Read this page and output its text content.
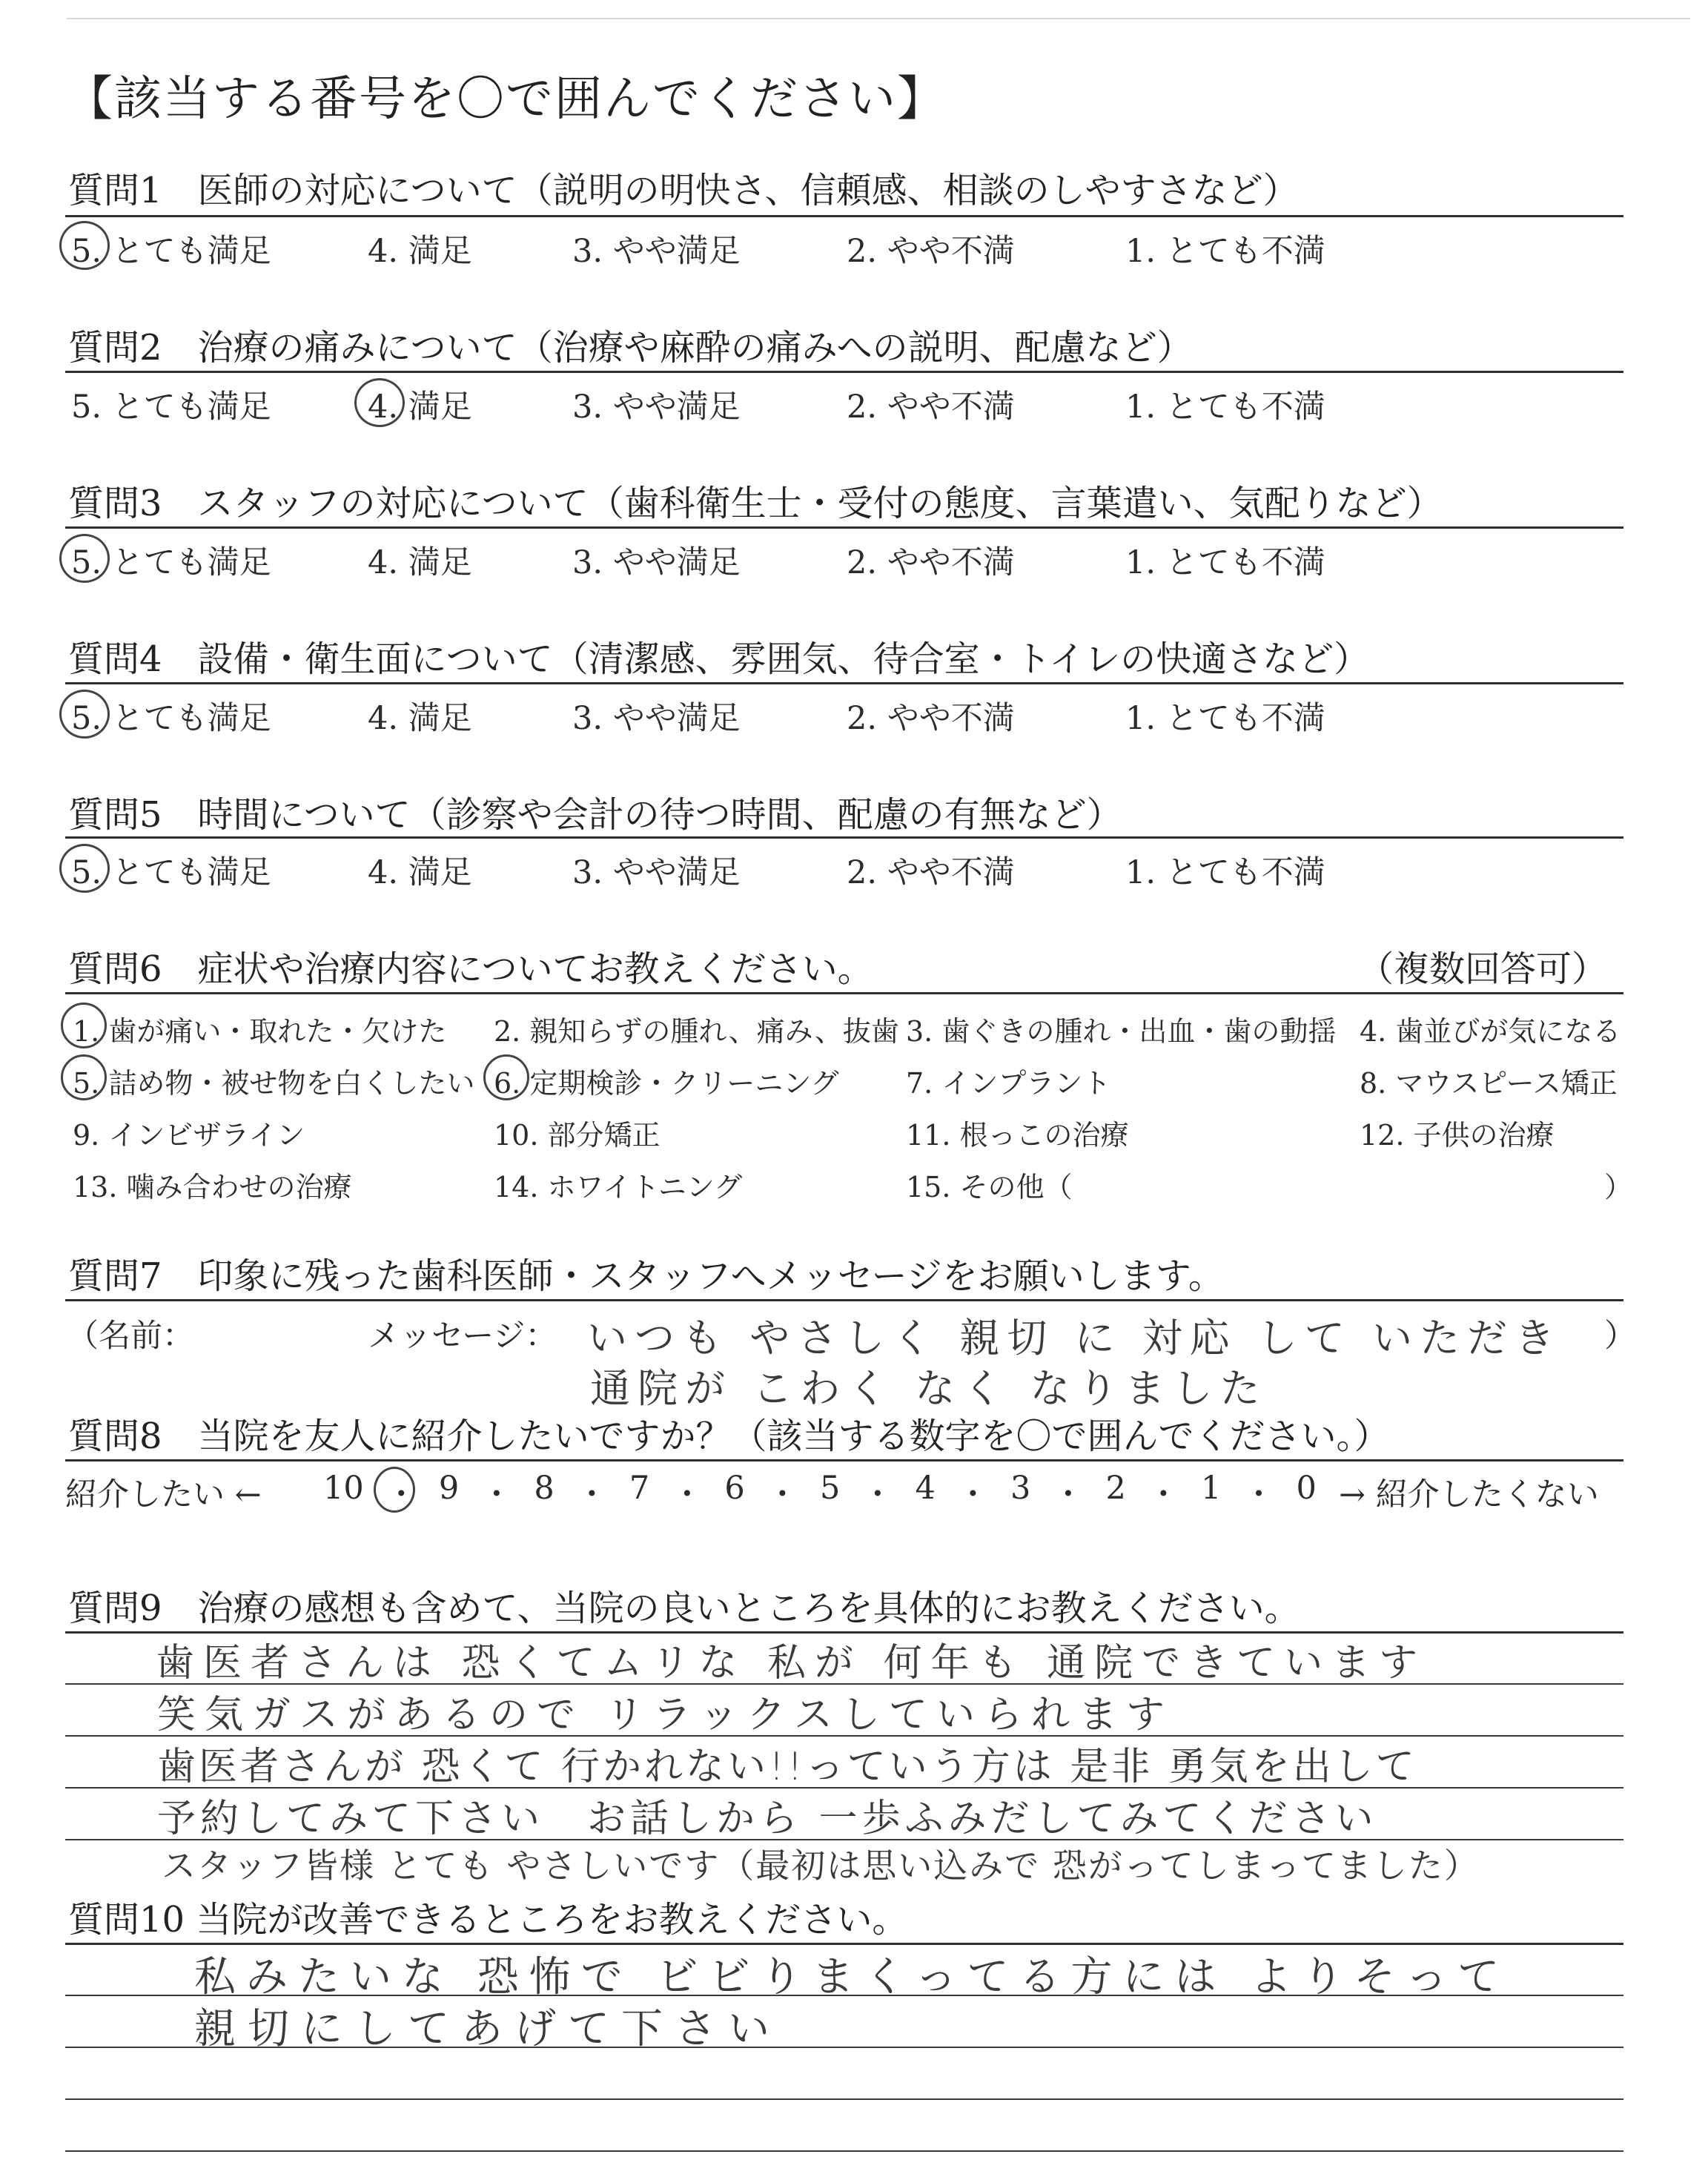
【該当する番号を〇で囲んでください】
質問1　医師の対応について（説明の明快さ、信頼感、相談のしやすさなど）
5. とても満足	4. 満足	3. やや満足	2. やや不満	1. とても不満
質問2　治療の痛みについて（治療や麻酔の痛みへの説明、配慮など）
5. とても満足	4. 満足	3. やや満足	2. やや不満	1. とても不満
質問3　スタッフの対応について（歯科衛生士・受付の態度、言葉遣い、気配りなど）
5. とても満足	4. 満足	3. やや満足	2. やや不満	1. とても不満
質問4　設備・衛生面について（清潔感、雰囲気、待合室・トイレの快適さなど）
5. とても満足	4. 満足	3. やや満足	2. やや不満	1. とても不満
質問5　時間について（診察や会計の待つ時間、配慮の有無など）
5. とても満足	4. 満足	3. やや満足	2. やや不満	1. とても不満
質問6　症状や治療内容についてお教えください。	（複数回答可）
1. 歯が痛い・取れた・欠けた 2. 親知らずの腫れ、痛み、抜歯 3. 歯ぐきの腫れ・出血・歯の動揺 4. 歯並びが気になる
5. 詰め物・被せ物を白くしたい 6. 定期検診・クリーニング 7. インプラント	8. マウスピース矯正
9. インビザライン	10. 部分矯正	11. 根っこの治療	12. 子供の治療
13. 噛み合わせの治療	14. ホワイトニング	15. その他（	）
質問7　印象に残った歯科医師・スタッフへメッセージをお願いします。
（名前：	メッセージ：	）
いつも やさしく 親切 に 対応 して いただき
通院が こわく なく なりました
質問8　当院を友人に紹介したいですか？（該当する数字を〇で囲んでください。）
紹介したい ←	→ 紹介したくない
10 ・ 9 ・ 8 ・ 7 ・ 6 ・ 5 ・ 4 ・ 3 ・ 2 ・ 1 ・ 0
質問9　治療の感想も含めて、当院の良いところを具体的にお教えください。
歯医者さんは 恐くてムリな 私が 何年も 通院できています
笑気ガスがあるので リラックスしていられます
歯医者さんが 恐くて 行かれない!!っていう方は 是非 勇気を出して
予約してみて下さい　お話しから 一歩ふみだしてみてください
スタッフ皆様 とても やさしいです（最初は思い込みで 恐がってしまってました）
質問10 当院が改善できるところをお教えください。
私みたいな 恐怖で ビビりまくってる方には よりそって
親切にしてあげて下さい
